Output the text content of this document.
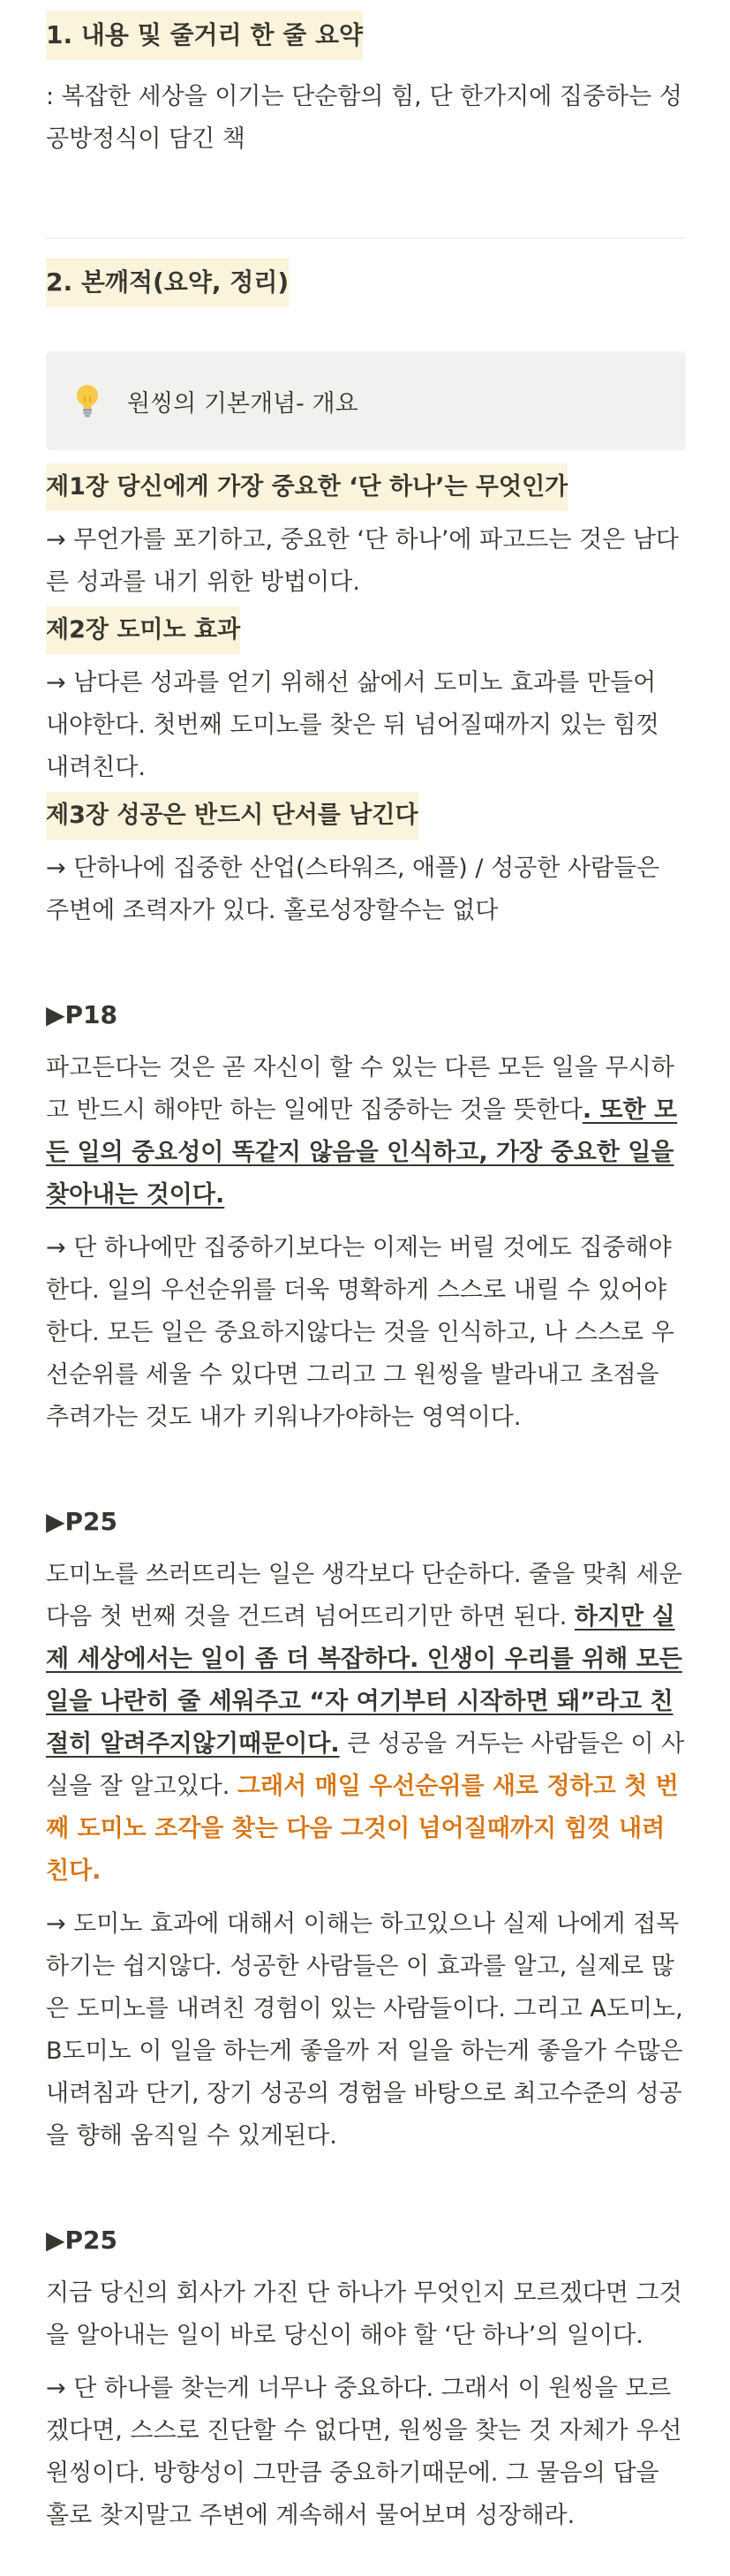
1. 내용 및 줄거리 한 줄 요약

: 복잡한 세상을 이기는 단순함의 힘, 단 한가지에 집중하는 성공방정식이 담긴 책

2. 본깨적(요약, 정리)
원씽의 기본개념- 개요
제1장 당신에게 가장 중요한 ‘단 하나’는 무엇인가

→ 무언가를 포기하고, 중요한 ‘단 하나’에 파고드는 것은 남다른 성과를 내기 위한 방법이다.

제2장 도미노 효과

→ 남다른 성과를 얻기 위해선 삶에서 도미노 효과를 만들어 내야한다. 첫번째 도미노를 찾은 뒤 넘어질때까지 있는 힘껏 내려친다.

제3장 성공은 반드시 단서를 남긴다

→ 단하나에 집중한 산업(스타워즈, 애플) / 성공한 사람들은 주변에 조력자가 있다. 홀로성장할수는 없다

▶P18

파고든다는 것은 곧 자신이 할 수 있는 다른 모든 일을 무시하고 반드시 해야만 하는 일에만 집중하는 것을 뜻한다. 또한 모든 일의 중요성이 똑같지 않음을 인식하고, 가장 중요한 일을 찾아내는 것이다.

→ 단 하나에만 집중하기보다는 이제는 버릴 것에도 집중해야한다. 일의 우선순위를 더욱 명확하게 스스로 내릴 수 있어야한다. 모든 일은 중요하지않다는 것을 인식하고, 나 스스로 우선순위를 세울 수 있다면 그리고 그 원씽을 발라내고 초점을 추려가는 것도 내가 키워나가야하는 영역이다.

▶P25

도미노를 쓰러뜨리는 일은 생각보다 단순하다. 줄을 맞춰 세운 다음 첫 번째 것을 건드려 넘어뜨리기만 하면 된다. 하지만 실제 세상에서는 일이 좀 더 복잡하다. 인생이 우리를 위해 모든 일을 나란히 줄 세워주고 “자 여기부터 시작하면 돼”라고 친절히 알려주지않기때문이다. 큰 성공을 거두는 사람들은 이 사실을 잘 알고있다. 그래서 매일 우선순위를 새로 정하고 첫 번째 도미노 조각을 찾는 다음 그것이 넘어질때까지 힘껏 내려친다.

→ 도미노 효과에 대해서 이해는 하고있으나 실제 나에게 접목하기는 쉽지않다. 성공한 사람들은 이 효과를 알고, 실제로 많은 도미노를 내려친 경험이 있는 사람들이다. 그리고 A도미노, B도미노 이 일을 하는게 좋을까 저 일을 하는게 좋을가 수많은 내려침과 단기, 장기 성공의 경험을 바탕으로 최고수준의 성공을 향해 움직일 수 있게된다.

▶P25

지금 당신의 회사가 가진 단 하나가 무엇인지 모르겠다면 그것을 알아내는 일이 바로 당신이 해야 할 ‘단 하나’의 일이다.

→ 단 하나를 찾는게 너무나 중요하다. 그래서 이 원씽을 모르겠다면, 스스로 진단할 수 없다면, 원씽을 찾는 것 자체가 우선 원씽이다. 방향성이 그만큼 중요하기때문에. 그 물음의 답을 홀로 찾지말고 주변에 계속해서 물어보며 성장해라.
